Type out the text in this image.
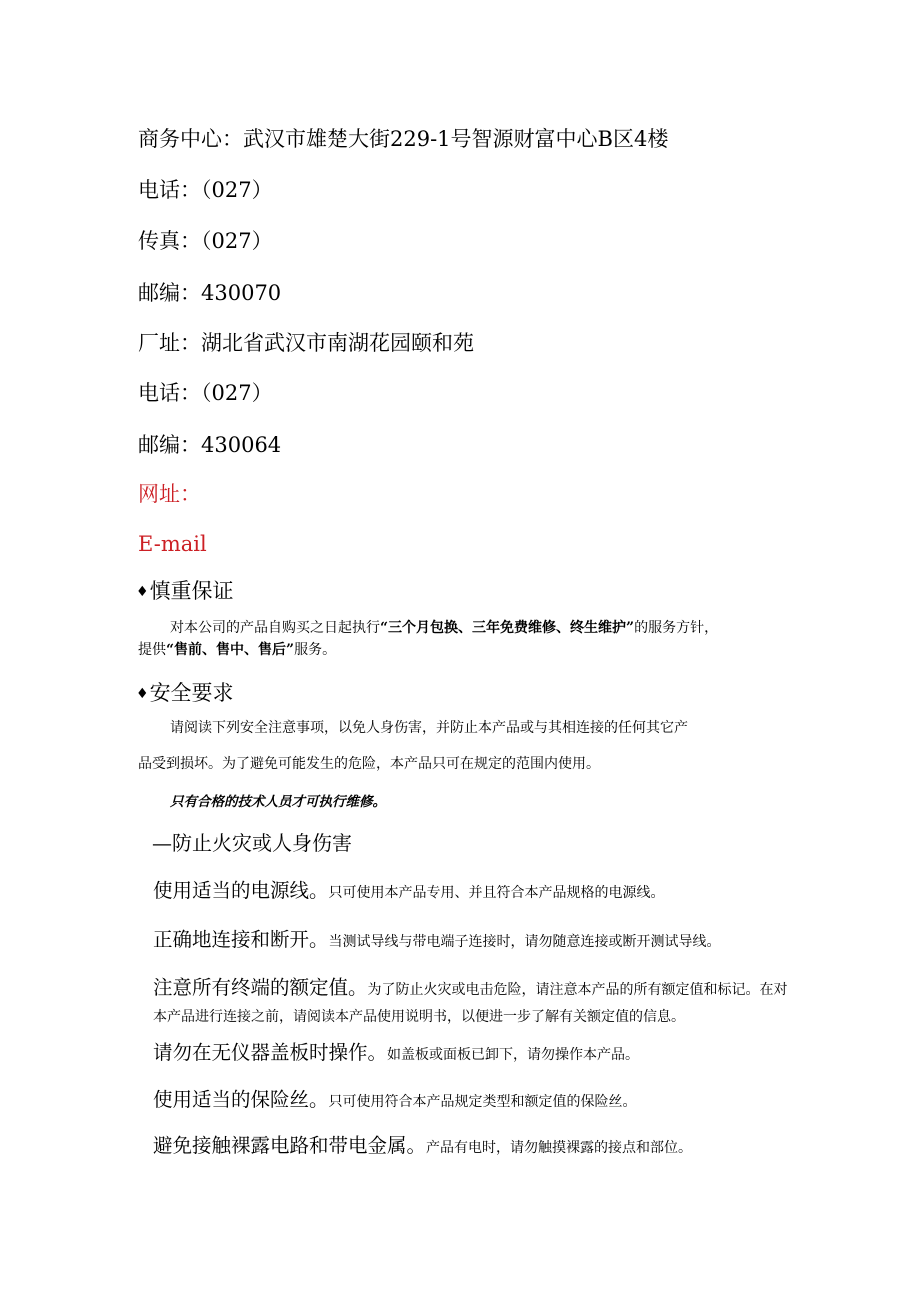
商务中心：武汉市雄楚大街229-1号智源财富中心B区4楼
电话：（027）
传真：（027）
邮编：430070
厂址：湖北省武汉市南湖花园颐和苑
电话：（027）
邮编：430064
网址：
E-mail
♦慎重保证
对本公司的产品自购买之日起执行“三个月包换、三年免费维修、终生维护”的服务方针，
提供“售前、售中、售后”服务。
♦安全要求
请阅读下列安全注意事项，以免人身伤害，并防止本产品或与其相连接的任何其它产
品受到损坏。为了避免可能发生的危险，本产品只可在规定的范围内使用。
只有合格的技术人员才可执行维修。
—防止火灾或人身伤害
使用适当的电源线。只可使用本产品专用、并且符合本产品规格的电源线。
正确地连接和断开。当测试导线与带电端子连接时，请勿随意连接或断开测试导线。
注意所有终端的额定值。为了防止火灾或电击危险，请注意本产品的所有额定值和标记。在对本产品进行连接之前，请阅读本产品使用说明书，以便进一步了解有关额定值的信息。
请勿在无仪器盖板时操作。如盖板或面板已卸下，请勿操作本产品。
使用适当的保险丝。只可使用符合本产品规定类型和额定值的保险丝。
避免接触裸露电路和带电金属。产品有电时，请勿触摸裸露的接点和部位。
